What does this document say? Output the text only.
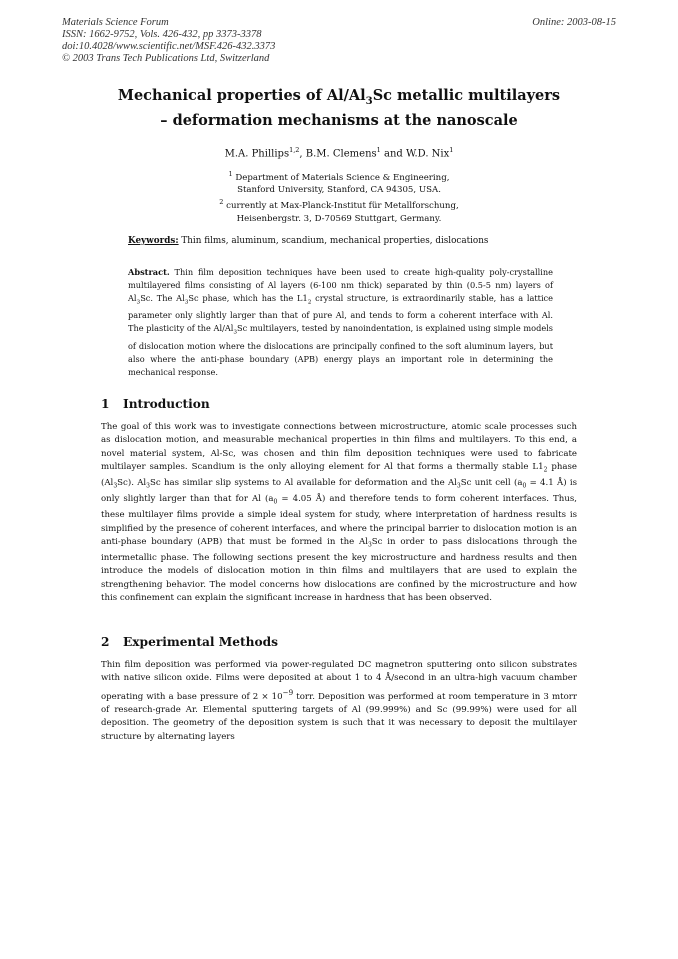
Materials Science Forum
ISSN: 1662-9752, Vols. 426-432, pp 3373-3378
doi:10.4028/www.scientific.net/MSF.426-432.3373
© 2003 Trans Tech Publications Ltd, Switzerland
Online: 2003-08-15
Mechanical properties of $Al/Al_3Sc$ metallic multilayers
– deformation mechanisms at the nanoscale
M.A. Phillips$^{1,2}$, B.M. Clemens$^1$ and W.D. Nix$^1$
$^1$ Department of Materials Science & Engineering,
Stanford University, Stanford, CA 94305, USA.
$^2$ currently at Max-Planck-Institut für Metallforschung,
Heisenbergstr. 3, D-70569 Stuttgart, Germany.
Keywords: Thin films, aluminum, scandium, mechanical properties, dislocations
Abstract. Thin film deposition techniques have been used to create high-quality poly-crystalline multilayered films consisting of Al layers (6-100 nm thick) separated by thin (0.5-5 nm) layers of $Al_3Sc$. The $Al_3Sc$ phase, which has the $L1_2$ crystal structure, is extraordinarily stable, has a lattice parameter only slightly larger than that of pure Al, and tends to form a coherent interface with Al. The plasticity of the $Al/Al_3Sc$ multilayers, tested by nanoindentation, is explained using simple models of dislocation motion where the dislocations are principally confined to the soft aluminum layers, but also where the anti-phase boundary (APB) energy plays an important role in determining the mechanical response.
1 Introduction
The goal of this work was to investigate connections between microstructure, atomic scale processes such as dislocation motion, and measurable mechanical properties in thin films and multilayers. To this end, a novel material system, Al-Sc, was chosen and thin film deposition techniques were used to fabricate multilayer samples. Scandium is the only alloying element for Al that forms a thermally stable $L1_2$ phase $(Al_3Sc)$. $Al_3Sc$ has similar slip systems to Al available for deformation and the $Al_3Sc$ unit cell ($a_0 = 4.1$ Å) is only slightly larger than that for Al ($a_0 = 4.05$ Å) and therefore tends to form coherent interfaces. Thus, these multilayer films provide a simple ideal system for study, where interpretation of hardness results is simplified by the presence of coherent interfaces, and where the principal barrier to dislocation motion is an anti-phase boundary (APB) that must be formed in the $Al_3Sc$ in order to pass dislocations through the intermetallic phase. The following sections present the key microstructure and hardness results and then introduce the models of dislocation motion in thin films and multilayers that are used to explain the strengthening behavior. The model concerns how dislocations are confined by the microstructure and how this confinement can explain the significant increase in hardness that has been observed.
2 Experimental Methods
Thin film deposition was performed via power-regulated DC magnetron sputtering onto silicon substrates with native silicon oxide. Films were deposited at about 1 to 4 Å/second in an ultra-high vacuum chamber operating with a base pressure of $2 \times 10^{-9}$ torr. Deposition was performed at room temperature in 3 mtorr of research-grade Ar. Elemental sputtering targets of Al (99.999%) and Sc (99.99%) were used for all deposition. The geometry of the deposition system is such that it was necessary to deposit the multilayer structure by alternating layers
